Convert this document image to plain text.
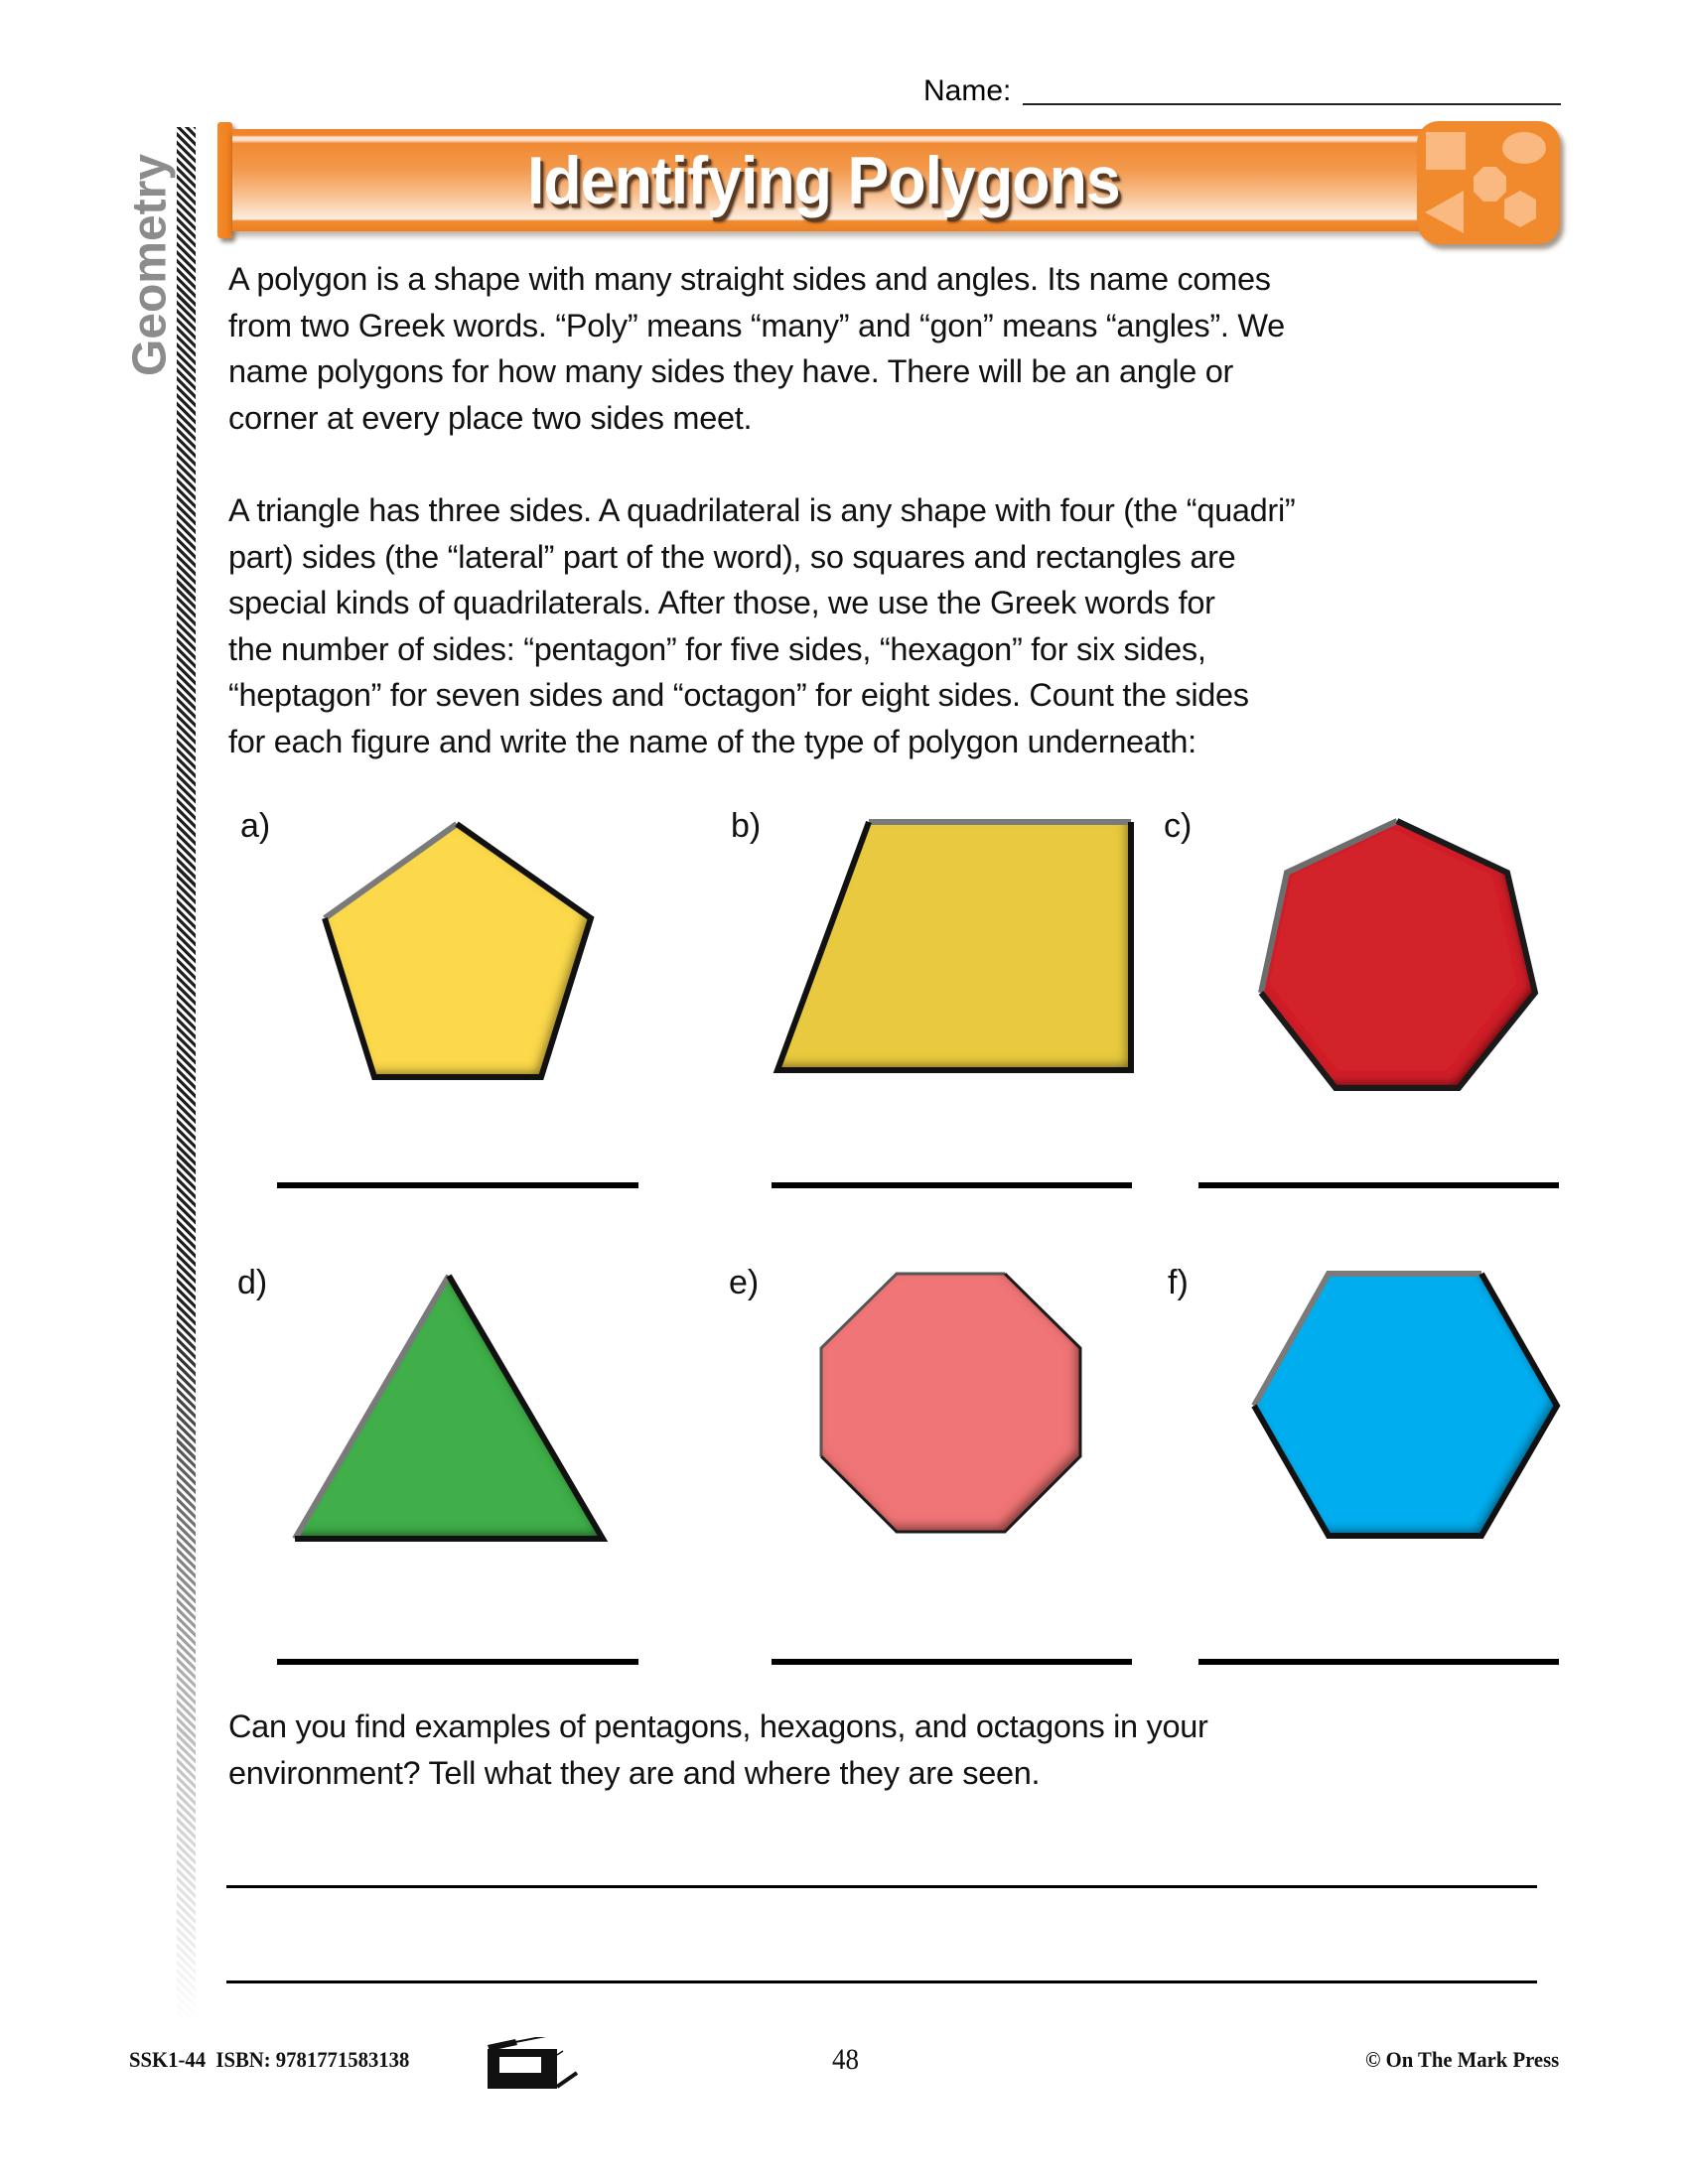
Geometry
Name:
Identifying Polygons
A polygon is a shape with many straight sides and angles. Its name comes
from two Greek words. “Poly” means “many” and “gon” means “angles”. We
name polygons for how many sides they have. There will be an angle or
corner at every place two sides meet.
A triangle has three sides. A quadrilateral is any shape with four (the “quadri”
part) sides (the “lateral” part of the word), so squares and rectangles are
special kinds of quadrilaterals. After those, we use the Greek words for
the number of sides: “pentagon” for five sides, “hexagon” for six sides,
“heptagon” for seven sides and “octagon” for eight sides. Count the sides
for each figure and write the name of the type of polygon underneath:
a)	b)	c)
d)	e)	f)
Can you find examples of pentagons, hexagons, and octagons in your
environment? Tell what they are and where they are seen.
SSK1-44  ISBN: 9781771583138	48	© On The Mark Press
